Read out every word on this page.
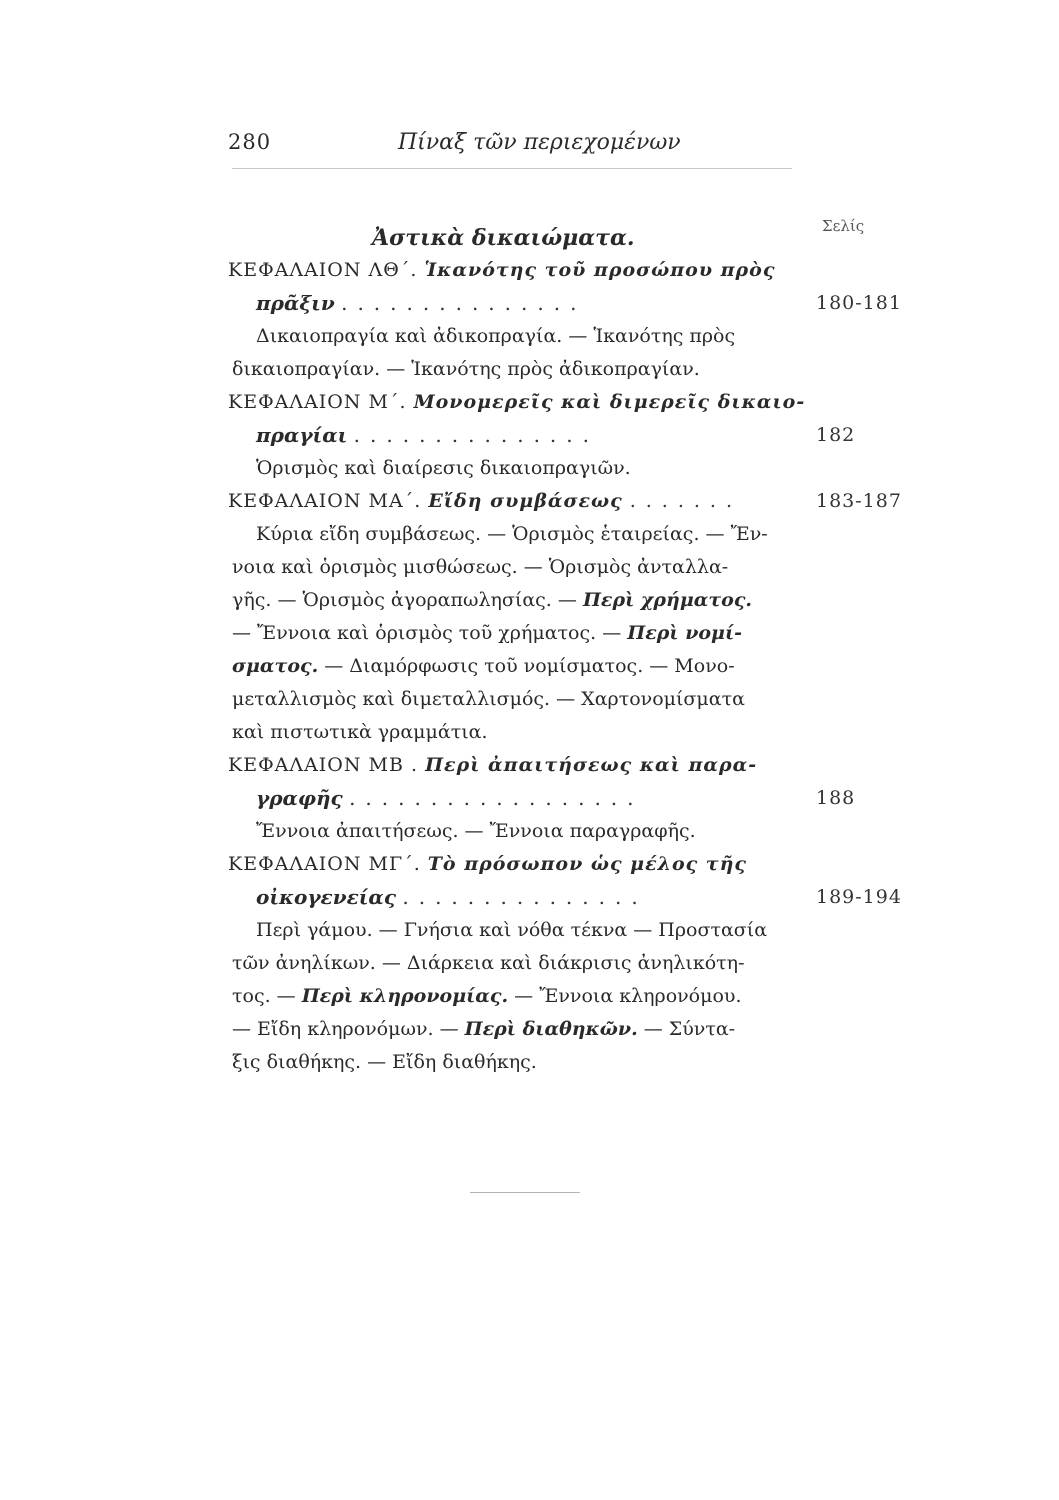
280	Πίναξ τῶν περιεχομένων
Σελίς
Ἀστικὰ δικαιώματα.
ΚΕΦΑΛΑΙΟΝ ΛΘ΄. Ἱκανότης τοῦ προσώπου πρὸς
πρᾶξιν ...............	180-181
Δικαιοπραγία καὶ ἀδικοπραγία. — Ἱκανότης πρὸς
δικαιοπραγίαν. — Ἱκανότης πρὸς ἀδικοπραγίαν.
ΚΕΦΑΛΑΙΟΝ Μ΄. Μονομερεῖς καὶ διμερεῖς δικαιο-
πραγίαι ...............	182
Ὁρισμὸς καὶ διαίρεσις δικαιοπραγιῶν.
ΚΕΦΑΛΑΙΟΝ ΜΑ΄. Εἴδη συμβάσεως .......	183-187
Κύρια εἴδη συμβάσεως. — Ὁρισμὸς ἑταιρείας. — Ἔν-
νοια καὶ ὁρισμὸς μισθώσεως. — Ὁρισμὸς ἀνταλλα-
γῆς. — Ὁρισμὸς ἀγοραπωλησίας. — Περὶ χρήματος.
— Ἔννοια καὶ ὁρισμὸς τοῦ χρήματος. — Περὶ νομί-
σματος. — Διαμόρφωσις τοῦ νομίσματος. — Μονο-
μεταλλισμὸς καὶ διμεταλλισμός. — Χαρτονομίσματα
καὶ πιστωτικὰ γραμμάτια.
ΚΕΦΑΛΑΙΟΝ ΜΒ . Περὶ ἀπαιτήσεως καὶ παρα-
γραφῆς ..................	188
Ἔννοια ἀπαιτήσεως. — Ἔννοια παραγραφῆς.
ΚΕΦΑΛΑΙΟΝ ΜΓ΄. Τὸ πρόσωπον ὡς μέλος τῆς
οἰκογενείας ...............	189-194
Περὶ γάμου. — Γνήσια καὶ νόθα τέκνα — Προστασία
τῶν ἀνηλίκων. — Διάρκεια καὶ διάκρισις ἀνηλικότη-
τος. — Περὶ κληρονομίας. — Ἔννοια κληρονόμου.
— Εἴδη κληρονόμων. — Περὶ διαθηκῶν. — Σύντα-
ξις διαθήκης. — Εἴδη διαθήκης.
